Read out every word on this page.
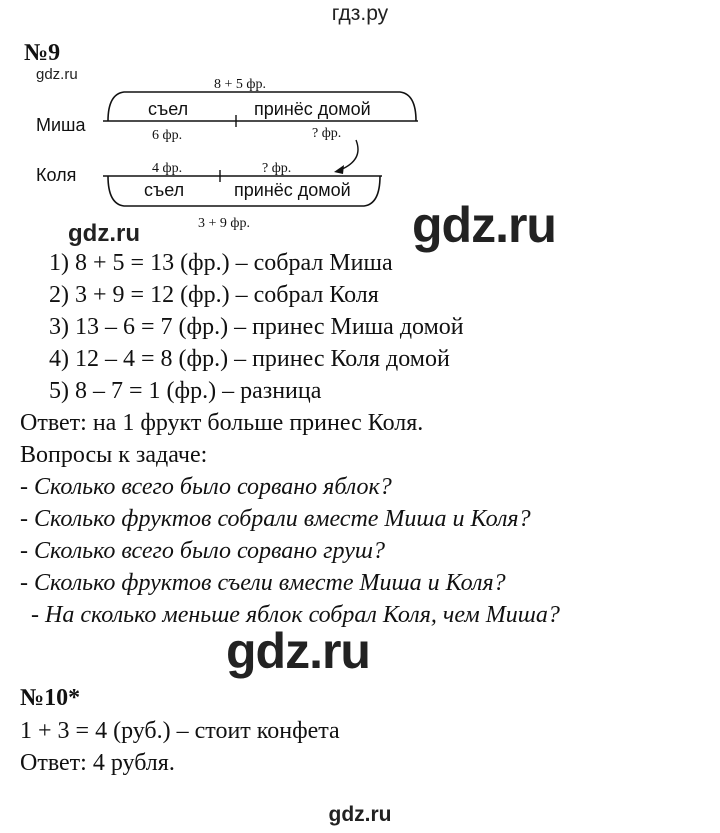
гдз.ру
№9
gdz.ru
Миша
8 + 5 фр.
съел	принёс домой
6 фр.	? фр.
Коля	4 фр.	? фр.
съел	принёс домой
3 + 9 фр.
gdz.ru	gdz.ru
1) 8 + 5 = 13 (фр.) – собрал Миша
2) 3 + 9 = 12 (фр.) – собрал Коля
3) 13 – 6 = 7 (фр.) – принес Миша домой
4) 12 – 4 = 8 (фр.) – принес Коля домой
5) 8 – 7 = 1 (фр.) – разница
Ответ: на 1 фрукт больше принес Коля.
Вопросы к задаче:
- Сколько всего было сорвано яблок?
- Сколько фруктов собрали вместе Миша и Коля?
- Сколько всего было сорвано груш?
- Сколько фруктов съели вместе Миша и Коля?
- На сколько меньше яблок собрал Коля, чем Миша?
gdz.ru
№10*
1 + 3 = 4 (руб.) – стоит конфета
Ответ: 4 рубля.
gdz.ru
